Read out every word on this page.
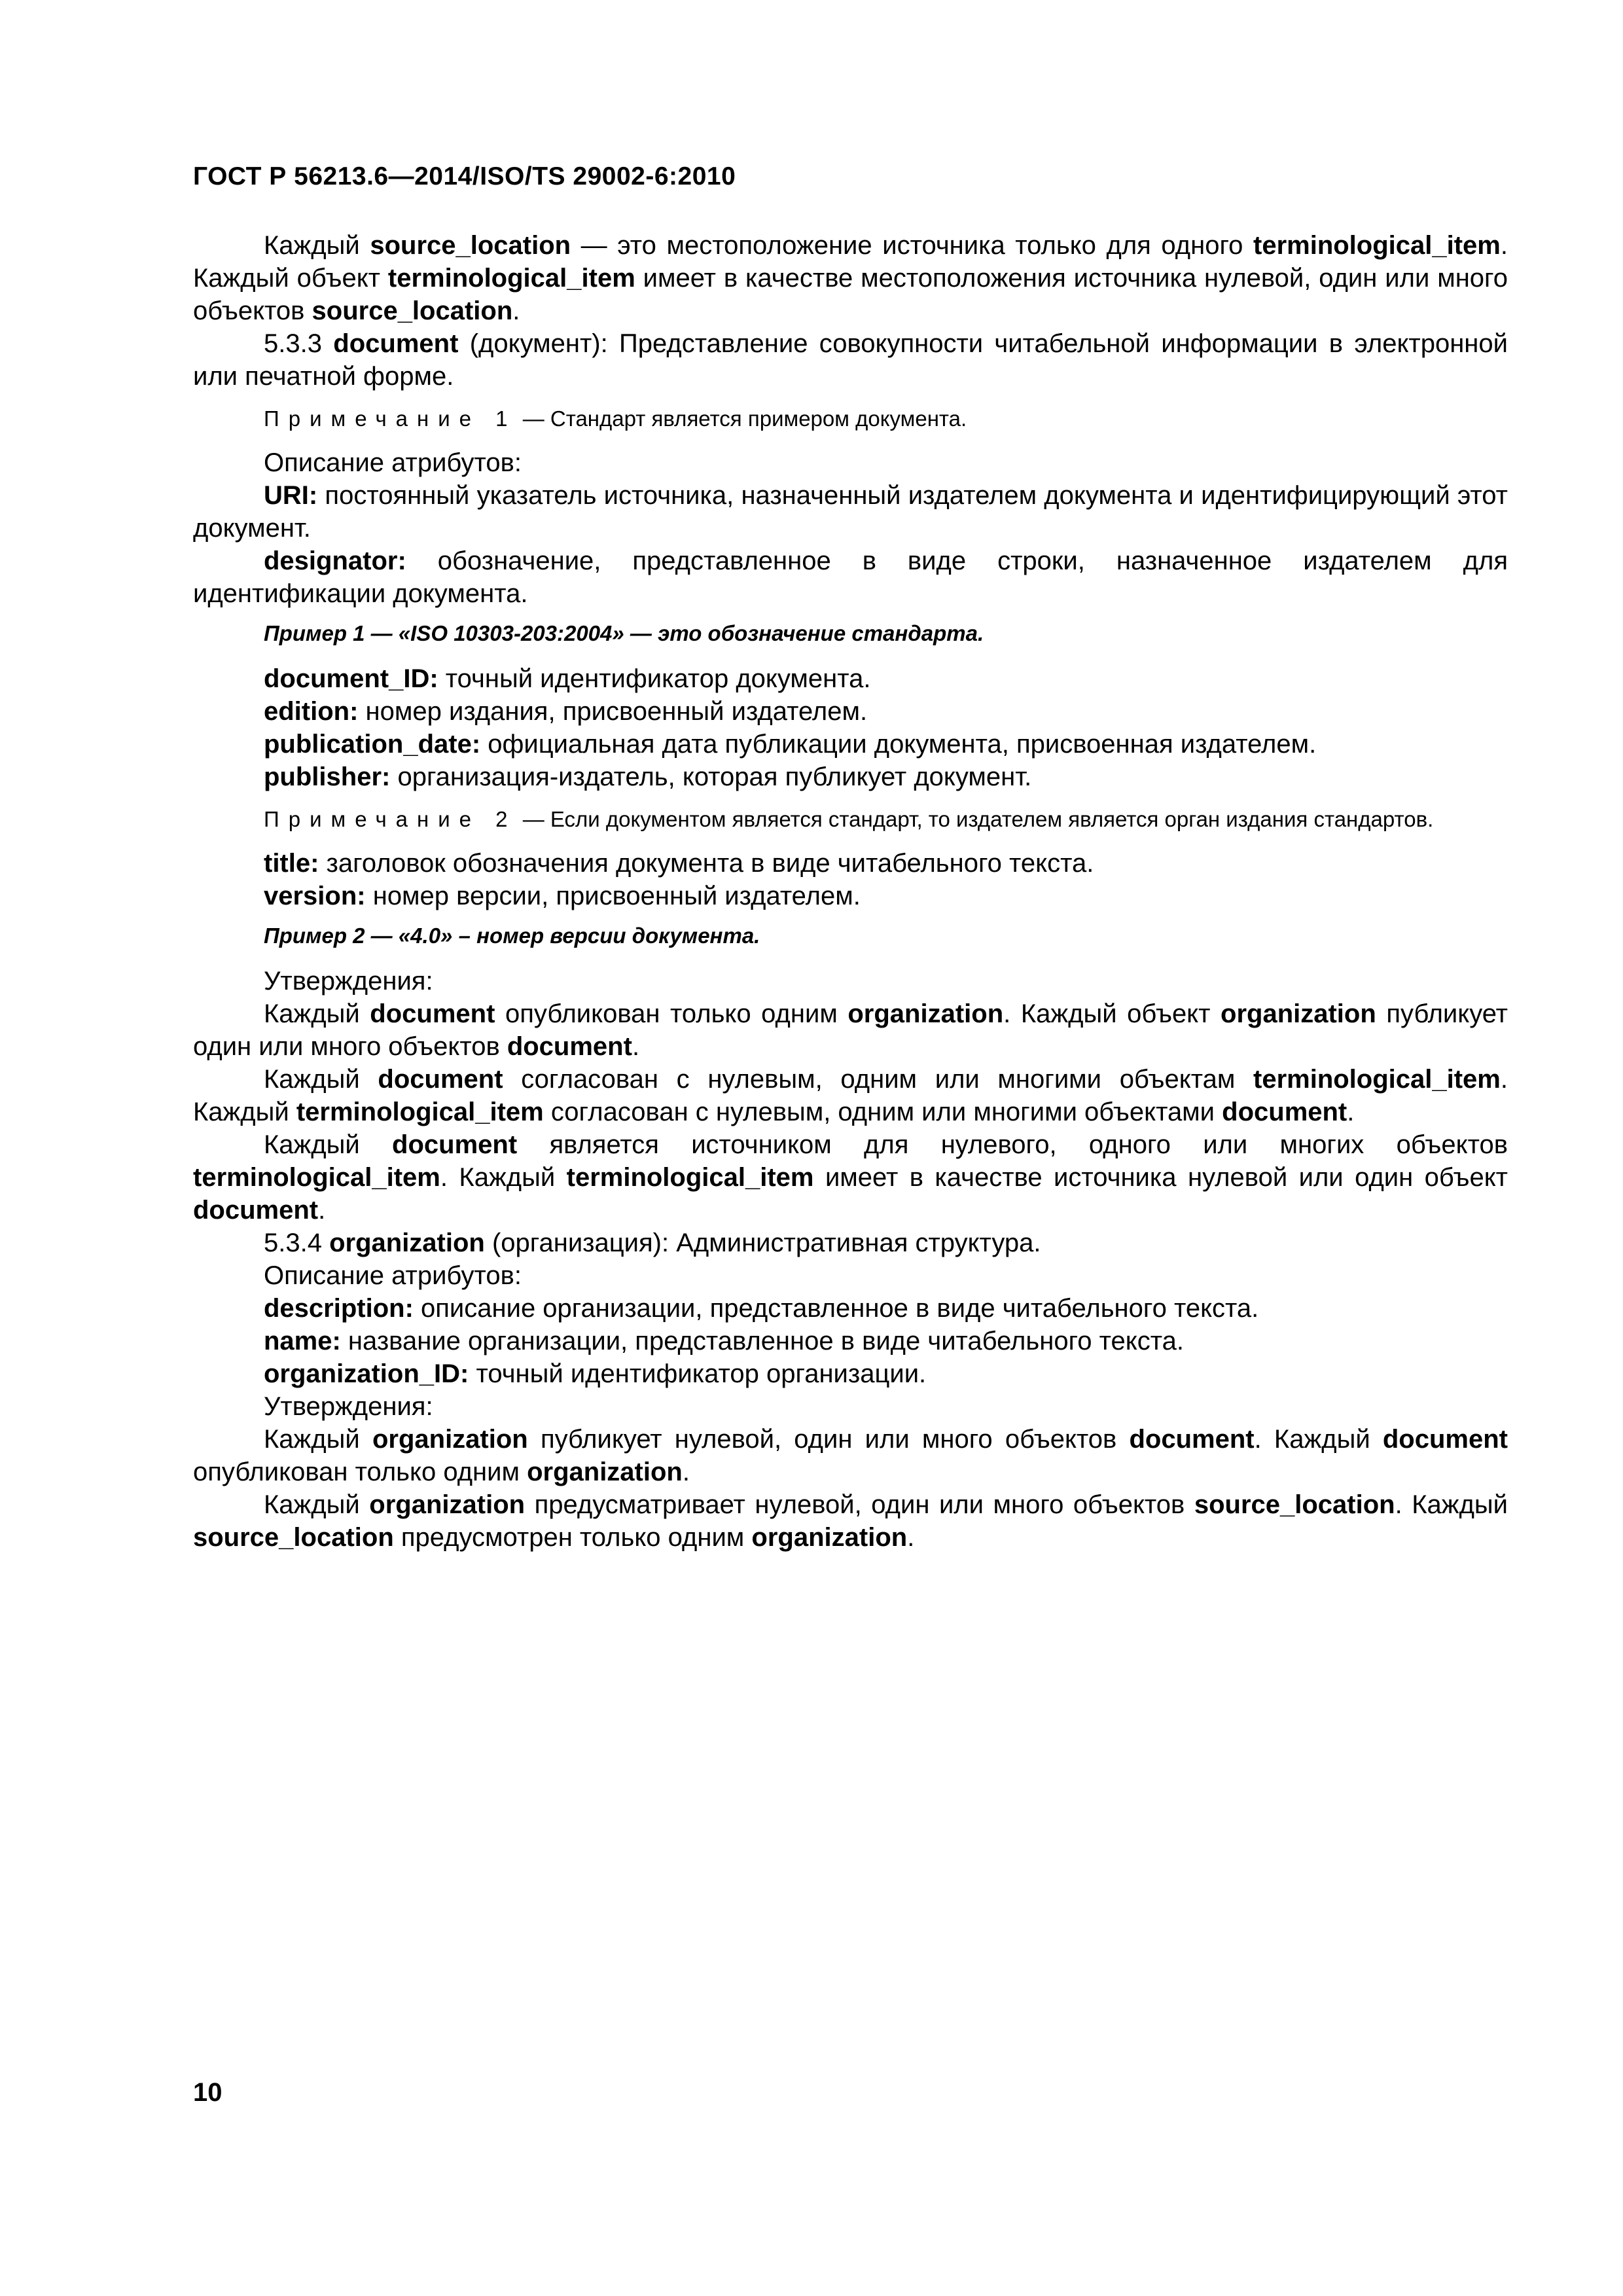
ГОСТ Р 56213.6—2014/ISO/TS 29002-6:2010

Каждый source_location — это местоположение источника только для одного terminological_item. Каждый объект terminological_item имеет в качестве местоположения источника нулевой, один или много объектов source_location.

5.3.3 document (документ): Представление совокупности читабельной информации в электронной или печатной форме.

Примечание 1 — Стандарт является примером документа.

Описание атрибутов:

URI: постоянный указатель источника, назначенный издателем документа и идентифицирующий этот документ.

designator: обозначение, представленное в виде строки, назначенное издателем для идентификации документа.

Пример 1 — «ISO 10303-203:2004» — это обозначение стандарта.

document_ID: точный идентификатор документа.

edition: номер издания, присвоенный издателем.

publication_date: официальная дата публикации документа, присвоенная издателем.

publisher: организация-издатель, которая публикует документ.

Примечание 2 — Если документом является стандарт, то издателем является орган издания стандартов.

title: заголовок обозначения документа в виде читабельного текста.

version: номер версии, присвоенный издателем.

Пример 2 — «4.0» – номер версии документа.

Утверждения:

Каждый document опубликован только одним organization. Каждый объект organization публикует один или много объектов document.

Каждый document согласован с нулевым, одним или многими объектам terminological_item. Каждый terminological_item согласован с нулевым, одним или многими объектами document.

Каждый document является источником для нулевого, одного или многих объектов terminological_item. Каждый terminological_item имеет в качестве источника нулевой или один объект document.

5.3.4 organization (организация): Административная структура.

Описание атрибутов:

description: описание организации, представленное в виде читабельного текста.

name: название организации, представленное в виде читабельного текста.

organization_ID: точный идентификатор организации.

Утверждения:

Каждый organization публикует нулевой, один или много объектов document. Каждый document опубликован только одним organization.

Каждый organization предусматривает нулевой, один или много объектов source_location. Каждый source_location предусмотрен только одним organization.

10
